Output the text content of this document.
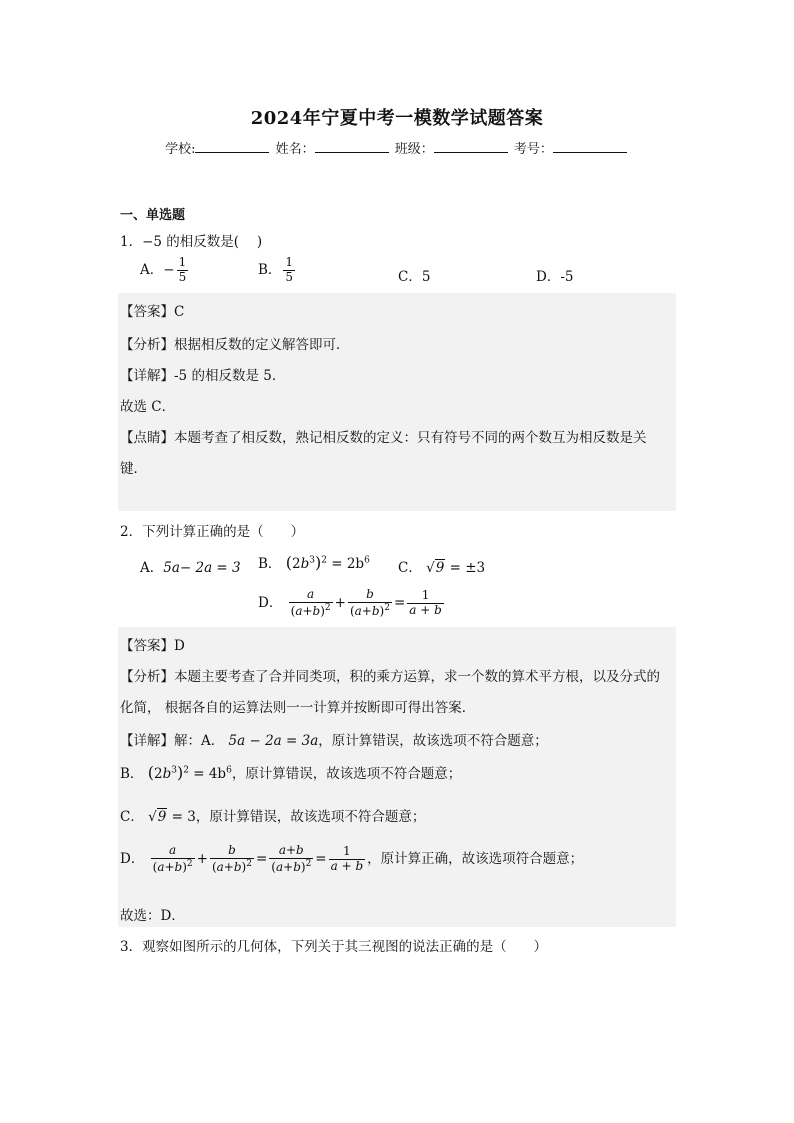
2024年宁夏中考一模数学试题答案
学校:	姓名：	班级：	考号：
一、单选题
1．−5 的相反数是(　 )
A．− $\frac{1}{5}$	B． $\frac{1}{5}$	C．5	D．-5
【答案】C
【分析】根据相反数的定义解答即可．
【详解】-5 的相反数是 5．
故选 C．
【点睛】本题考查了相反数，熟记相反数的定义：只有符号不同的两个数互为相反数是关
键．
2．下列计算正确的是（　　）
A．5a− 2a = 3 B． $(2b^3)^2 = 2b^6$ C． √9 = ±3
D． $\frac{a}{(a+b)^2} + \frac{b}{(a+b)^2} = \frac{1}{a + b}$
【答案】D
【分析】本题主要考查了合并同类项，积的乘方运算，求一个数的算术平方根，以及分式的
化简， 根据各自的运算法则一一计算并按断即可得出答案．
【详解】解：A． 5a − 2a = 3a，原计算错误，故该选项不符合题意；
B． $(2b^3)^2 = 4b^6$，原计算错误，故该选项不符合题意；
C． √9 = 3，原计算错误，故该选项不符合题意；
D． $\frac{a}{(a+b)^2} + \frac{b}{(a+b)^2} = \frac{a+b}{(a+b)^2} = \frac{1}{a + b}$ ，原计算正确，故该选项符合题意；
故选：D．
3．观察如图所示的几何体，下列关于其三视图的说法正确的是（　　）
